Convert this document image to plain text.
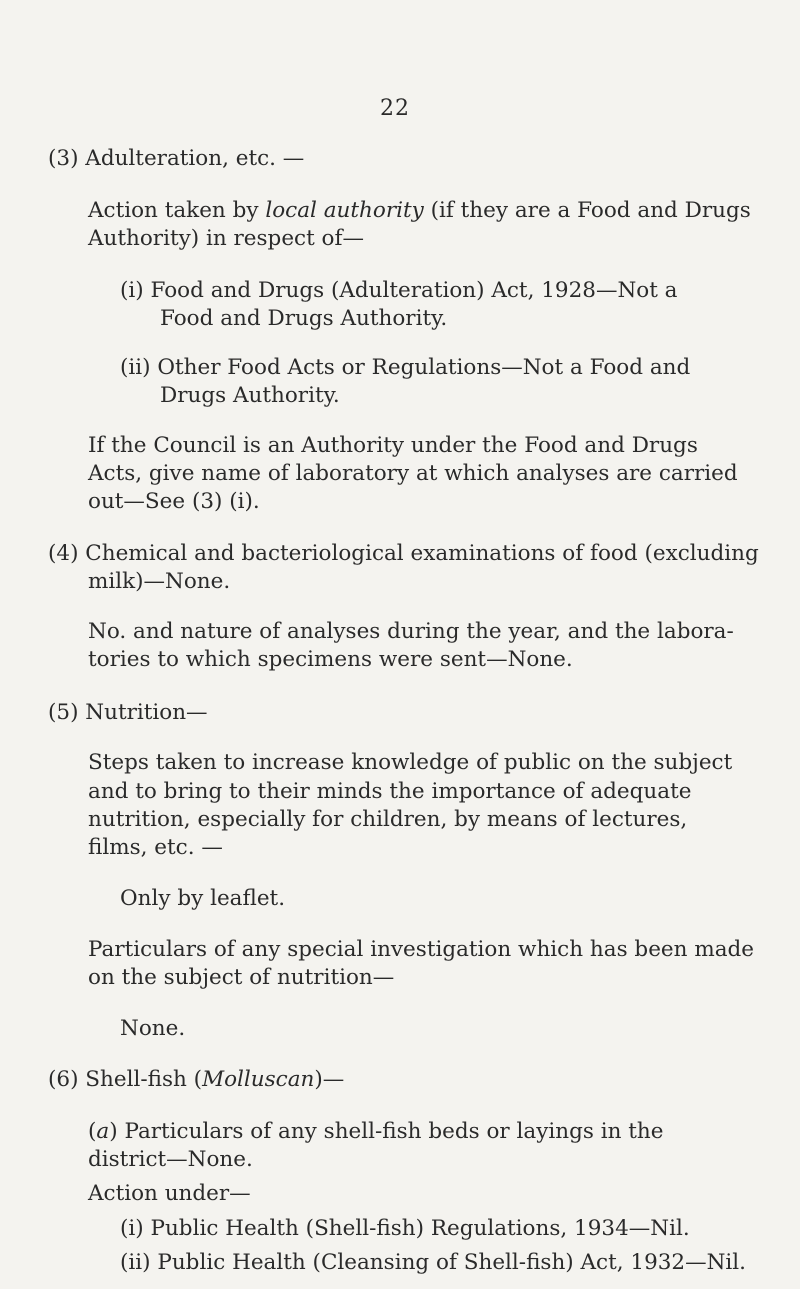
22
(3) Adulteration, etc. —
Action taken by local authority (if they are a Food and Drugs
Authority) in respect of—
(i) Food and Drugs (Adulteration) Act, 1928—Not a
Food and Drugs Authority.
(ii) Other Food Acts or Regulations—Not a Food and
Drugs Authority.
If the Council is an Authority under the Food and Drugs
Acts, give name of laboratory at which analyses are carried
out—See (3) (i).
(4) Chemical and bacteriological examinations of food (excluding
milk)—None.
No. and nature of analyses during the year, and the labora-
tories to which specimens were sent—None.
(5) Nutrition—
Steps taken to increase knowledge of public on the subject
and to bring to their minds the importance of adequate
nutrition, especially for children, by means of lectures,
films, etc. —
Only by leaflet.
Particulars of any special investigation which has been made
on the subject of nutrition—
None.
(6) Shell-fish (Molluscan)—
(a) Particulars of any shell-fish beds or layings in the
district—None.
Action under—
(i) Public Health (Shell-fish) Regulations, 1934—Nil.
(ii) Public Health (Cleansing of Shell-fish) Act, 1932—Nil.
